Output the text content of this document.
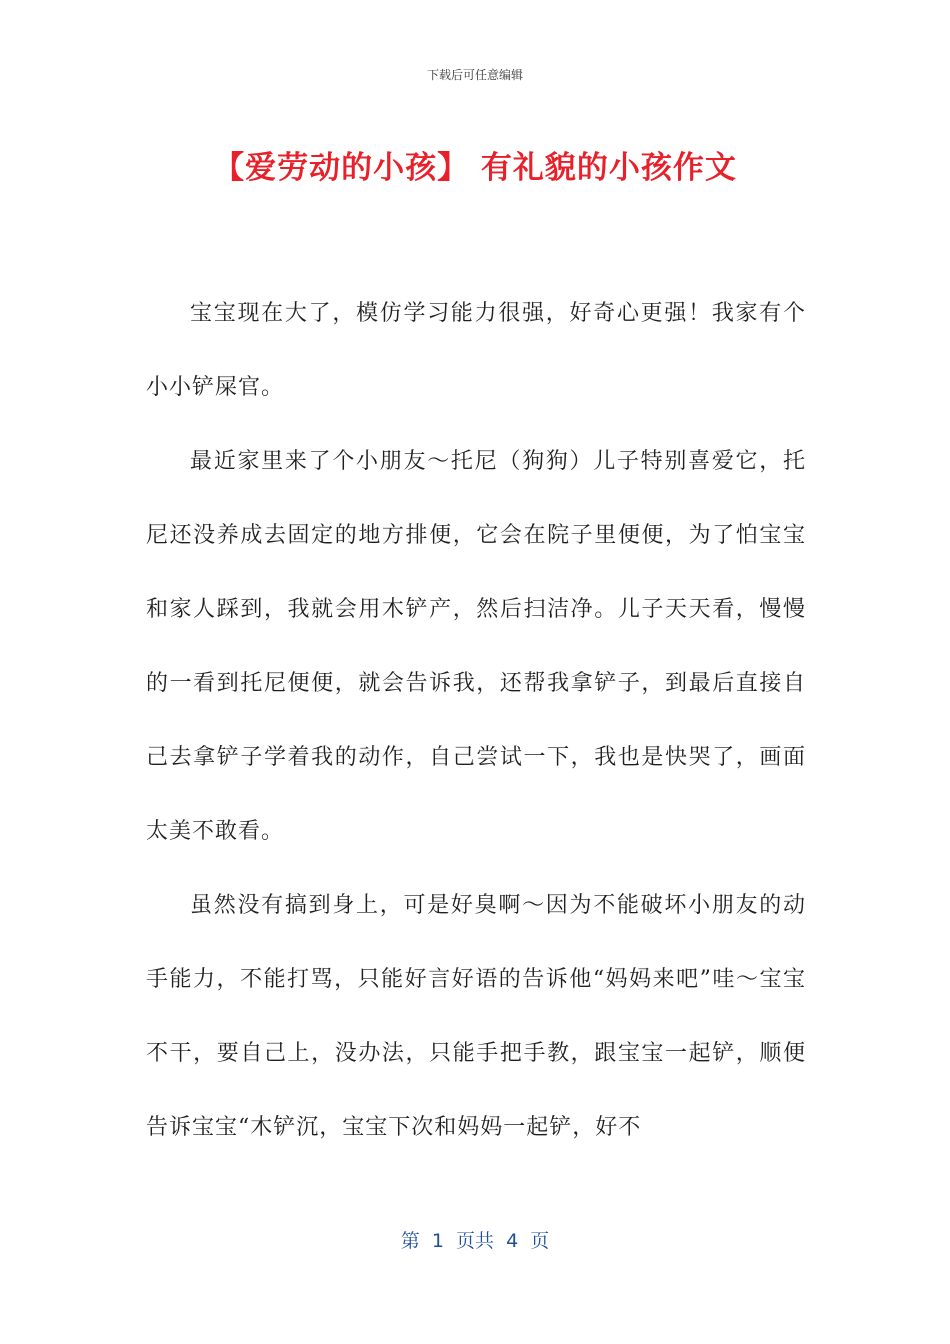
下载后可任意编辑
【爱劳动的小孩】 有礼貌的小孩作文

宝宝现在大了，模仿学习能力很强，好奇心更强！我家有个小小铲屎官。

最近家里来了个小朋友～托尼（狗狗）儿子特别喜爱它，托尼还没养成去固定的地方排便，它会在院子里便便，为了怕宝宝和家人踩到，我就会用木铲产，然后扫洁净。儿子天天看，慢慢的一看到托尼便便，就会告诉我，还帮我拿铲子，到最后直接自己去拿铲子学着我的动作，自己尝试一下，我也是快哭了，画面太美不敢看。

虽然没有搞到身上，可是好臭啊～因为不能破坏小朋友的动手能力，不能打骂，只能好言好语的告诉他“妈妈来吧”哇～宝宝不干，要自己上，没办法，只能手把手教，跟宝宝一起铲，顺便告诉宝宝“木铲沉，宝宝下次和妈妈一起铲，好不

第  1  页共  4  页
